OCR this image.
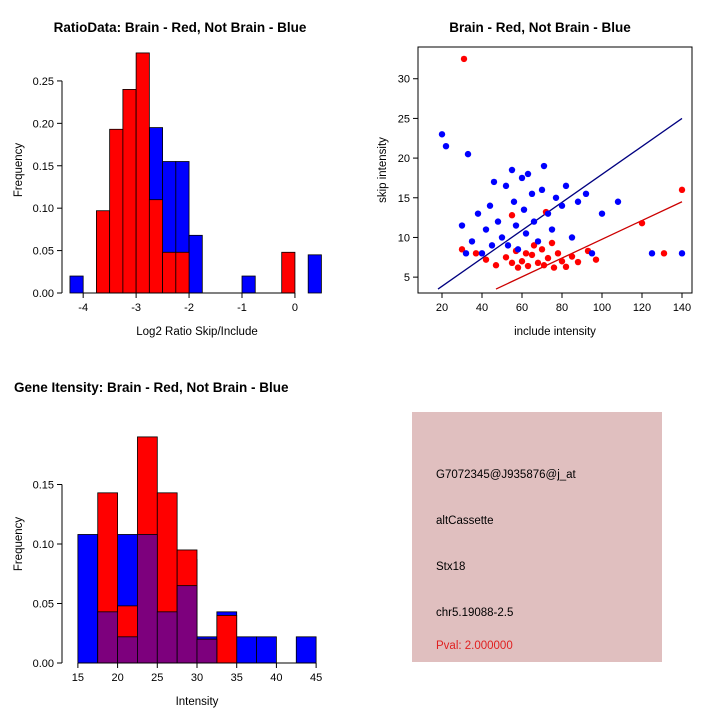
RatioData: Brain - Red, Not Brain - Blue
0.00
0.05
0.10
0.15
0.20
0.25
-4	-3	-2	-1	0
Log2 Ratio Skip/Include
Frequency
Brain - Red, Not Brain - Blue
20	40	60	80 100 120 140
5
10
15
20
25
30
include intensity
skip intensity
Gene Itensity: Brain - Red, Not Brain - Blue
0.00
0.05
0.10
0.15
15 20 25 30 35 40 45
Intensity
Frequency
G7072345@J935876@j_at
altCassette
Stx18
chr5.19088-2.5
Pval: 2.000000
